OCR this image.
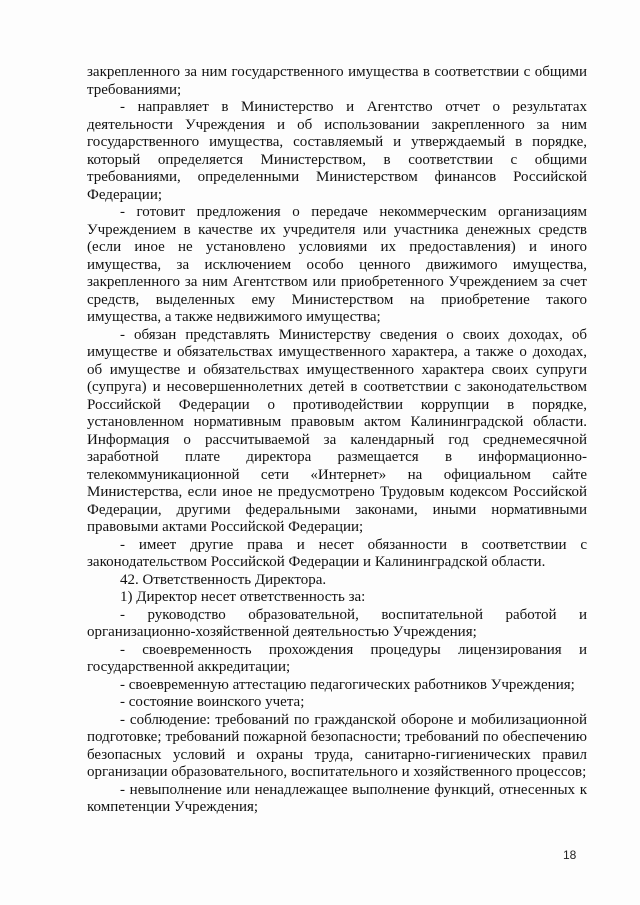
закрепленного за ним государственного имущества в соответствии с общими требованиями;

- направляет в Министерство и Агентство отчет о результатах деятельности Учреждения и об использовании закрепленного за ним государственного имущества, составляемый и утверждаемый в порядке, который определяется Министерством, в соответствии с общими требованиями, определенными Министерством финансов Российской Федерации;

- готовит предложения о передаче некоммерческим организациям Учреждением в качестве их учредителя или участника денежных средств (если иное не установлено условиями их предоставления) и иного имущества, за исключением особо ценного движимого имущества, закрепленного за ним Агентством или приобретенного Учреждением за счет средств, выделенных ему Министерством на приобретение такого имущества, а также недвижимого имущества;

- обязан представлять Министерству сведения о своих доходах, об имуществе и обязательствах имущественного характера, а также о доходах, об имуществе и обязательствах имущественного характера своих супруги (супруга) и несовершеннолетних детей в соответствии с законодательством Российской Федерации о противодействии коррупции в порядке, установленном нормативным правовым актом Калининградской области. Информация о рассчитываемой за календарный год среднемесячной заработной плате директора размещается в информационно-телекоммуникационной сети «Интернет» на официальном сайте Министерства, если иное не предусмотрено Трудовым кодексом Российской Федерации, другими федеральными законами, иными нормативными правовыми актами Российской Федерации;

- имеет другие права и несет обязанности в соответствии с законодательством Российской Федерации и Калининградской области.

42. Ответственность Директора.

1) Директор несет ответственность за:

- руководство образовательной, воспитательной работой и организационно-хозяйственной деятельностью Учреждения;

- своевременность прохождения процедуры лицензирования и государственной аккредитации;

- своевременную аттестацию педагогических работников Учреждения;

- состояние воинского учета;

- соблюдение: требований по гражданской обороне и мобилизационной подготовке; требований пожарной безопасности; требований по обеспечению безопасных условий и охраны труда, санитарно-гигиенических правил организации образовательного, воспитательного и хозяйственного процессов;

- невыполнение или ненадлежащее выполнение функций, отнесенных к компетенции Учреждения;

18
